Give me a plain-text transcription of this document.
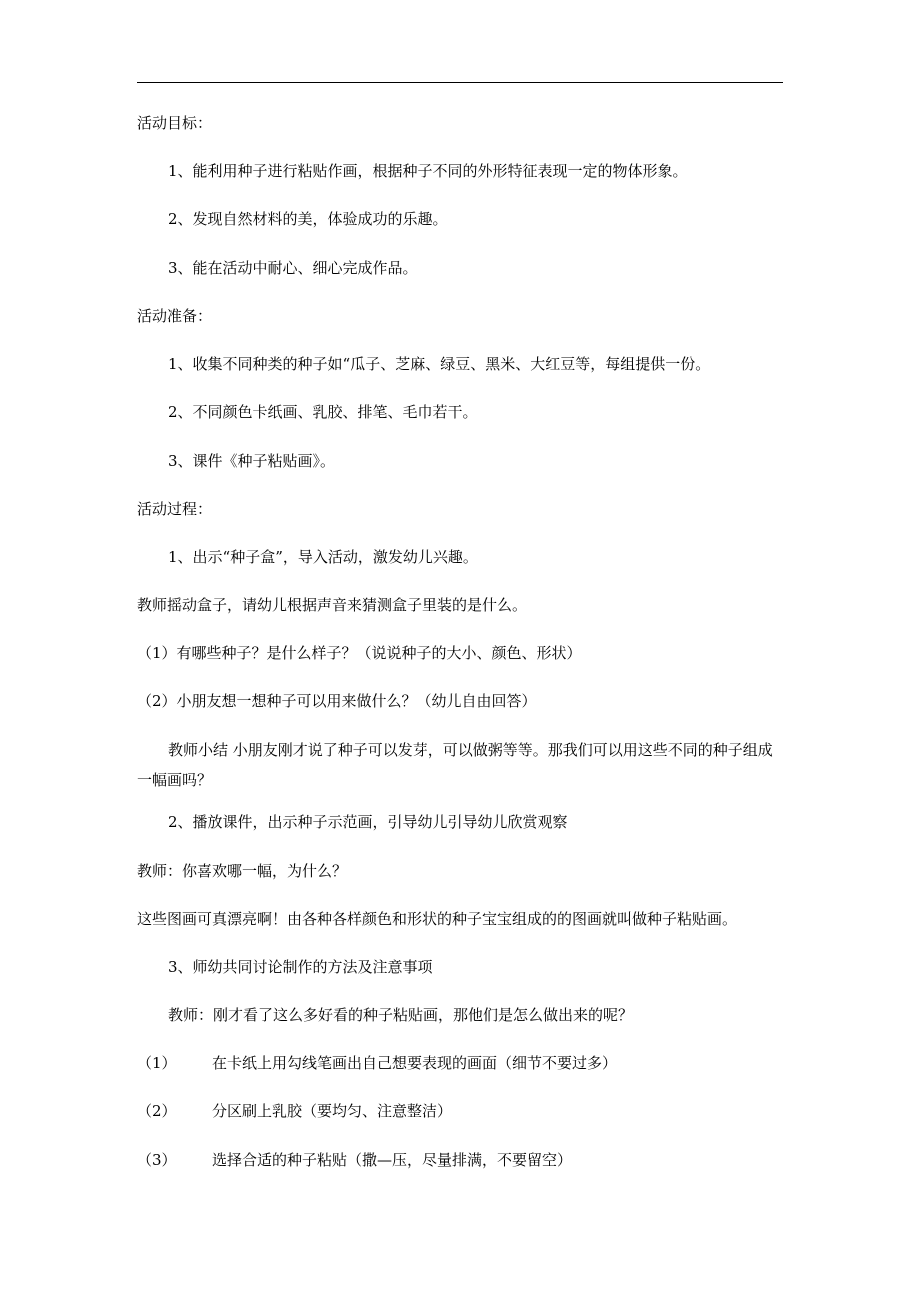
活动目标：
1、能利用种子进行粘贴作画，根据种子不同的外形特征表现一定的物体形象。
2、发现自然材料的美，体验成功的乐趣。
3、能在活动中耐心、细心完成作品。
活动准备：
1、收集不同种类的种子如“瓜子、芝麻、绿豆、黑米、大红豆等，每组提供一份。
2、不同颜色卡纸画、乳胶、排笔、毛巾若干。
3、课件《种子粘贴画》。
活动过程：
1、出示“种子盒”，导入活动，激发幼儿兴趣。
教师摇动盒子，请幼儿根据声音来猜测盒子里装的是什么。
（1）有哪些种子？是什么样子？（说说种子的大小、颜色、形状）
（2）小朋友想一想种子可以用来做什么？（幼儿自由回答）
教师小结 小朋友刚才说了种子可以发芽，可以做粥等等。那我们可以用这些不同的种子组成一幅画吗？
2、播放课件，出示种子示范画，引导幼儿引导幼儿欣赏观察
教师：你喜欢哪一幅，为什么？
这些图画可真漂亮啊！由各种各样颜色和形状的种子宝宝组成的的图画就叫做种子粘贴画。
3、师幼共同讨论制作的方法及注意事项
教师：刚才看了这么多好看的种子粘贴画，那他们是怎么做出来的呢？
（1） 在卡纸上用勾线笔画出自己想要表现的画面（细节不要过多）
（2） 分区刷上乳胶（要均匀、注意整洁）
（3） 选择合适的种子粘贴（撒—压，尽量排满，不要留空）
